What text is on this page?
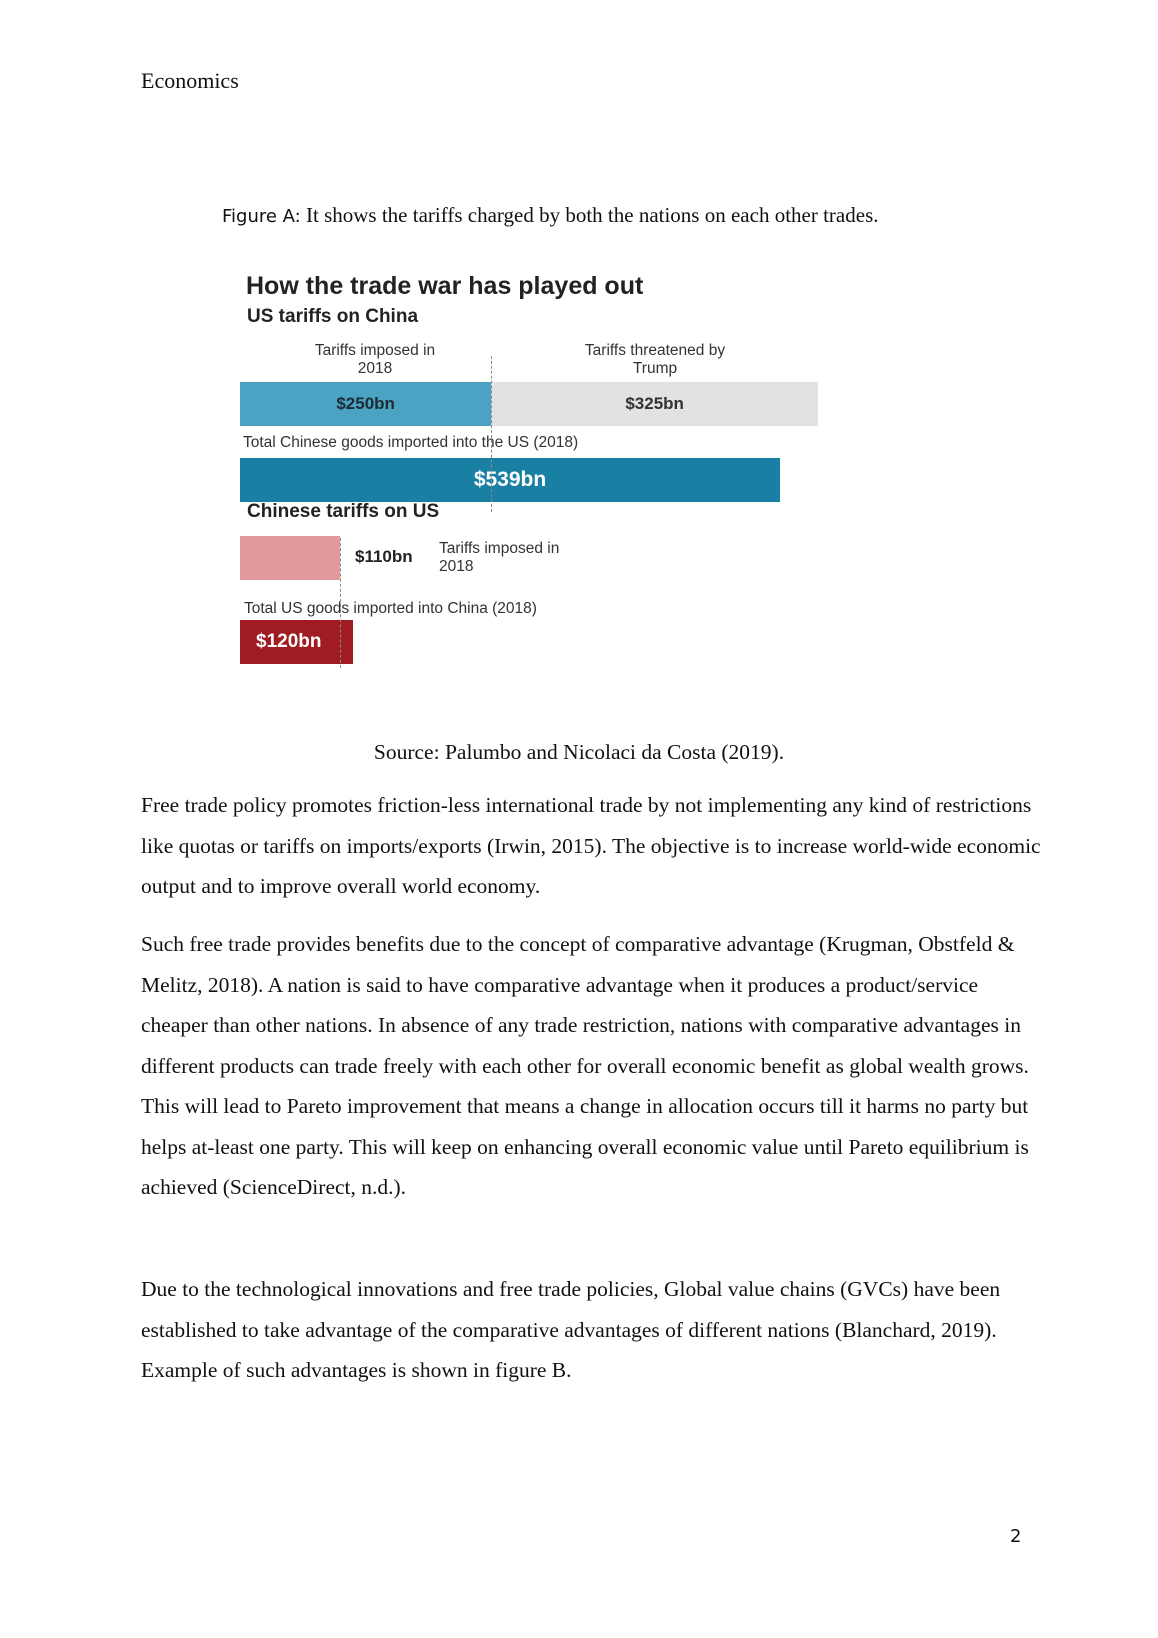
Economics
Figure A: It shows the tariffs charged by both the nations on each other trades.
How the trade war has played out
US tariffs on China
Tariffs imposed in 2018
Tariffs threatened by Trump
$250bn	$325bn
Total Chinese goods imported into the US (2018)
$539bn
Chinese tariffs on US
$110bn Tariffs imposed in 2018
Total US goods imported into China (2018)
$120bn
Source: Palumbo and Nicolaci da Costa (2019).
Free trade policy promotes friction-less international trade by not implementing any kind of restrictions like quotas or tariffs on imports/exports (Irwin, 2015). The objective is to increase world-wide economic output and to improve overall world economy.
Such free trade provides benefits due to the concept of comparative advantage (Krugman, Obstfeld & Melitz, 2018). A nation is said to have comparative advantage when it produces a product/service cheaper than other nations. In absence of any trade restriction, nations with comparative advantages in different products can trade freely with each other for overall economic benefit as global wealth grows. This will lead to Pareto improvement that means a change in allocation occurs till it harms no party but helps at-least one party. This will keep on enhancing overall economic value until Pareto equilibrium is achieved (ScienceDirect, n.d.).
Due to the technological innovations and free trade policies, Global value chains (GVCs) have been established to take advantage of the comparative advantages of different nations (Blanchard, 2019). Example of such advantages is shown in figure B.
2
